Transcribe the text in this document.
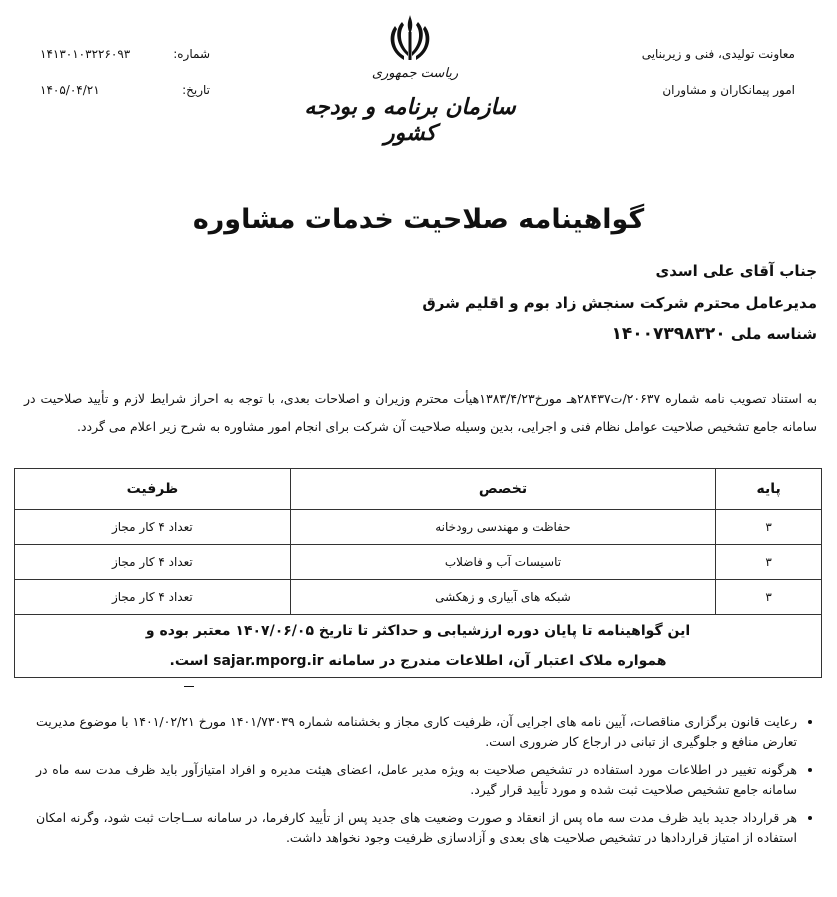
معاونت تولیدی، فنی و زیربنایی
امور پیمانکاران و مشاوران
ریاست جمهوری
سازمان برنامه و بودجه کشور
شماره:
۱۴۱۳۰۱۰۳۲۲۶۰۹۳
تاریخ:
۱۴۰۵/۰۴/۲۱
گواهینامه صلاحیت خدمات مشاوره
جناب آقای علی اسدی
مدیرعامل محترم شرکت سنجش زاد بوم و اقلیم شرق
شناسه ملی ۱۴۰۰۷۳۹۸۳۲۰
به استناد تصویب نامه شماره ۲۰۶۳۷/ت۲۸۴۳۷هـ مورخ۱۳۸۳/۴/۲۳هیأت محترم وزیران و اصلاحات بعدی، با توجه به احراز شرایط لازم و تأیید صلاحیت در سامانه جامع تشخیص صلاحیت عوامل نظام فنی و اجرایی، بدین وسیله صلاحیت آن شرکت برای انجام امور مشاوره به شرح زیر اعلام می گردد.
پایه	تخصص	ظرفیت
۳	حفاظت و مهندسی رودخانه	تعداد ۴ کار مجاز
۳	تاسیسات آب و فاضلاب	تعداد ۴ کار مجاز
۳	شبکه های آبیاری و زهکشی	تعداد ۴ کار مجاز

این گواهینامه تا پایان دوره ارزشیابی و حداکثر تا تاریخ ۱۴۰۷/۰۶/۰۵ معتبر بوده و
همواره ملاک اعتبار آن، اطلاعات مندرج در سامانه sajar.mporg.ir است.		
• رعایت قانون برگزاری مناقصات، آیین نامه های اجرایی آن، ظرفیت کاری مجاز و بخشنامه شماره ۱۴۰۱/۷۳۰۳۹ مورخ ۱۴۰۱/۰۲/۲۱ با موضوع مدیریت تعارض منافع و جلوگیری از تبانی در ارجاع کار ضروری است.
• هرگونه تغییر در اطلاعات مورد استفاده در تشخیص صلاحیت به ویژه مدیر عامل، اعضای هیئت مدیره و افراد امتیازآور باید ظرف مدت سه ماه در سامانه جامع تشخیص صلاحیت ثبت شده و مورد تأیید قرار گیرد.
• هر قرارداد جدید باید ظرف مدت سه ماه پس از انعقاد و صورت وضعیت های جدید پس از تأیید کارفرما، در سامانه ســاجات ثبت شود، وگرنه امکان استفاده از امتیاز قراردادها در تشخیص صلاحیت های بعدی و آزادسازی ظرفیت وجود نخواهد داشت.
